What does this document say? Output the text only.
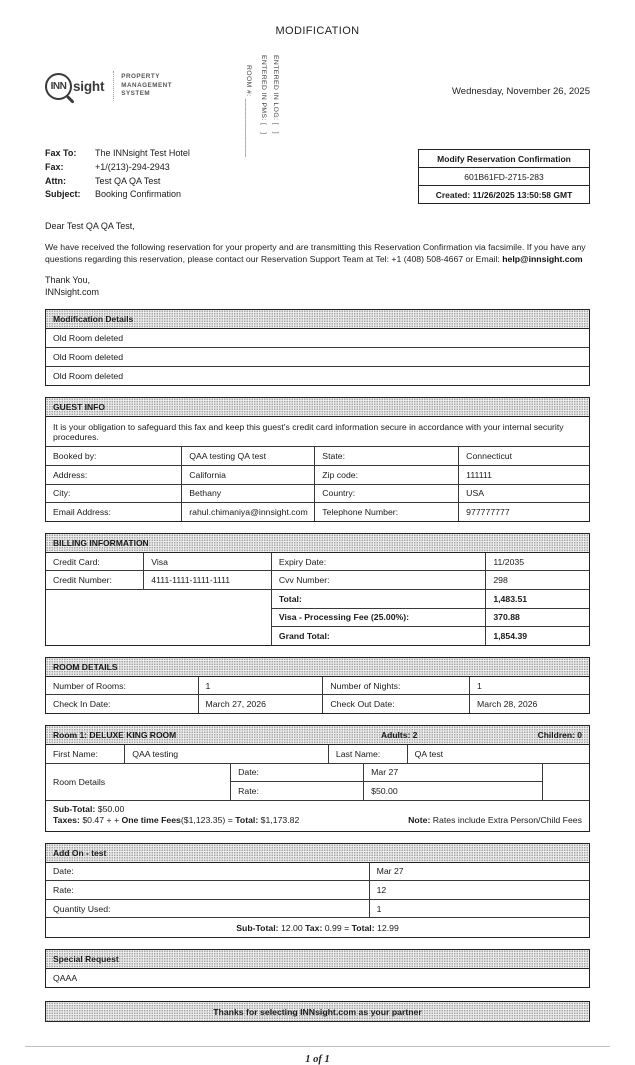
MODIFICATION
INN sight
PROPERTY
MANAGEMENT
SYSTEM	ROOM #: ______________ ENTERED IN PMS: [   ] ENTERED IN LOG: [   ]	Wednesday, November 26, 2025
Fax To:	The INNsight Test Hotel
Fax:	+1/(213)-294-2943
Attn:	Test QA QA Test
Subject:	Booking Confirmation
Modify Reservation Confirmation
601B61FD-2715-283
Created: 11/26/2025 13:50:58 GMT
Dear Test QA QA Test,
We have received the following reservation for your property and are transmitting this Reservation Confirmation via facsimile. If you have any questions regarding this reservation, please contact our Reservation Support Team at Tel: +1 (408) 508-4667 or Email: help@innsight.com
Thank You,
INNsight.com
Modification Details
Old Room deleted
Old Room deleted
Old Room deleted
GUEST INFO
It is your obligation to safeguard this fax and keep this guest's credit card information secure in accordance with your internal security procedures.
Booked by:	QAA testing QA test	State:	Connecticut
Address:	California	Zip code:	111111
City:	Bethany	Country:	USA
Email Address:	rahul.chimaniya@innsight.com	Telephone Number:	977777777
BILLING INFORMATION
Credit Card:	Visa	Expiry Date:	11/2035
Credit Number:	4111-1111-1111-1111	Cvv Number:	298
		Total:	1,483.51
		Visa - Processing Fee (25.00%):	370.88
		Grand Total:	1,854.39
ROOM DETAILS
Number of Rooms:	1	Number of Nights:	1
Check In Date:	March 27, 2026	Check Out Date:	March 28, 2026
Room 1: DELUXE KING ROOM	Adults: 2	Children: 0
First Name:	QAA testing	Last Name:	QA test
Room Details	Date:	Mar 27	
	Rate:	$50.00	
Sub-Total: $50.00
Taxes: $0.47 + + One time Fees($1,123.35) = Total: $1,173.82	Note: Rates include Extra Person/Child Fees
Add On - test
Date:	Mar 27
Rate:	12
Quantity Used:	1
Sub-Total: 12.00 Tax: 0.99 = Total: 12.99
Special Request
QAAA
Thanks for selecting INNsight.com as your partner
1 of 1
